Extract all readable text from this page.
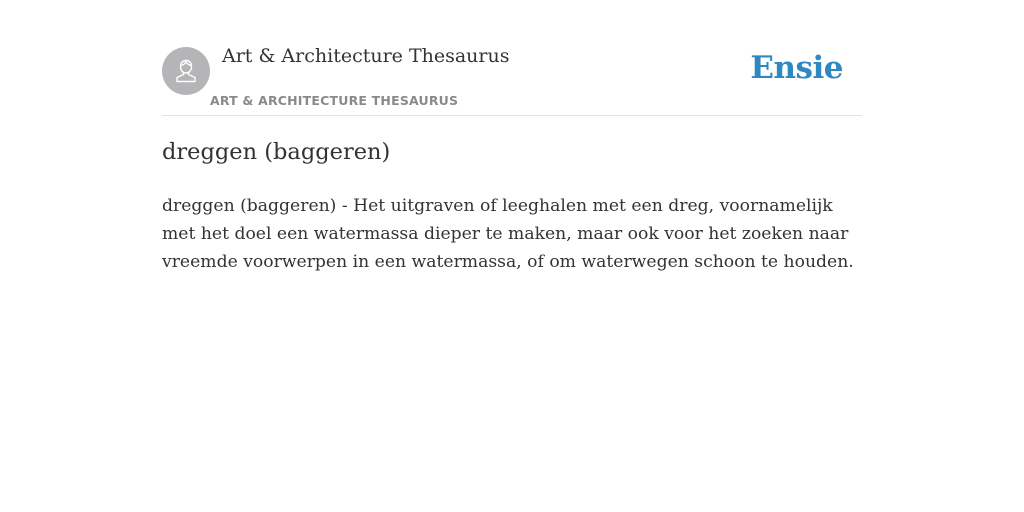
Art & Architecture Thesaurus
ART & ARCHITECTURE THESAURUS
Ensie
dreggen (baggeren)

dreggen (baggeren) - Het uitgraven of leeghalen met een dreg, voornamelijk met het doel een watermassa dieper te maken, maar ook voor het zoeken naar vreemde voorwerpen in een watermassa, of om waterwegen schoon te houden.
